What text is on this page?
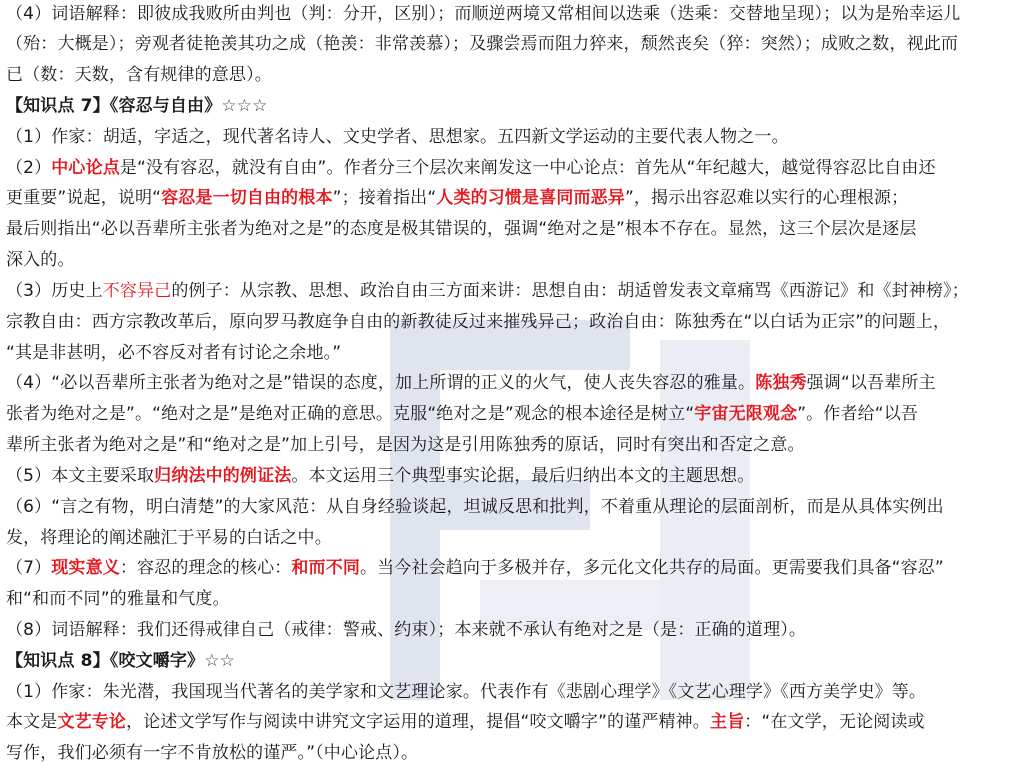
（4）词语解释：即彼成我败所由判也（判：分开，区别）；而顺逆两境又常相间以迭乘（迭乘：交替地呈现）；以为是殆幸运儿
（殆：大概是）；旁观者徒艳羡其功之成（艳羡：非常羡慕）；及骤尝焉而阻力猝来，颓然丧矣（猝：突然）；成败之数，视此而
已（数：天数，含有规律的意思）。
【知识点 7】《容忍与自由》☆☆☆
（1）作家：胡适，字适之，现代著名诗人、文史学者、思想家。五四新文学运动的主要代表人物之一。
（2）中心论点是“没有容忍，就没有自由”。作者分三个层次来阐发这一中心论点：首先从“年纪越大，越觉得容忍比自由还
更重要”说起，说明“容忍是一切自由的根本”；接着指出“人类的习惯是喜同而恶异”，揭示出容忍难以实行的心理根源；
最后则指出“必以吾辈所主张者为绝对之是”的态度是极其错误的，强调“绝对之是”根本不存在。显然，这三个层次是逐层
深入的。
（3）历史上不容异己的例子：从宗教、思想、政治自由三方面来讲：思想自由：胡适曾发表文章痛骂《西游记》和《封神榜》；
宗教自由：西方宗教改革后，原向罗马教庭争自由的新教徒反过来摧残异己；政治自由：陈独秀在“以白话为正宗”的问题上，
“其是非甚明，必不容反对者有讨论之余地。”
（4）“必以吾辈所主张者为绝对之是”错误的态度，加上所谓的正义的火气，使人丧失容忍的雅量。陈独秀强调“以吾辈所主
张者为绝对之是”。“绝对之是”是绝对正确的意思。克服“绝对之是”观念的根本途径是树立“宇宙无限观念”。作者给“以吾
辈所主张者为绝对之是”和“绝对之是”加上引号，是因为这是引用陈独秀的原话，同时有突出和否定之意。
（5）本文主要采取归纳法中的例证法。本文运用三个典型事实论据，最后归纳出本文的主题思想。
（6）“言之有物，明白清楚”的大家风范：从自身经验谈起，坦诚反思和批判，不着重从理论的层面剖析，而是从具体实例出
发，将理论的阐述融汇于平易的白话之中。
（7）现实意义：容忍的理念的核心：和而不同。当今社会趋向于多极并存，多元化文化共存的局面。更需要我们具备“容忍”
和“和而不同”的雅量和气度。
（8）词语解释：我们还得戒律自己（戒律：警戒、约束）；本来就不承认有绝对之是（是：正确的道理）。
【知识点 8】《咬文嚼字》☆☆
（1）作家：朱光潜，我国现当代著名的美学家和文艺理论家。代表作有《悲剧心理学》《文艺心理学》《西方美学史》等。
本文是文艺专论，论述文学写作与阅读中讲究文字运用的道理，提倡“咬文嚼字”的谨严精神。主旨：“在文学，无论阅读或
写作，我们必须有一字不肯放松的谨严。”（中心论点）。
